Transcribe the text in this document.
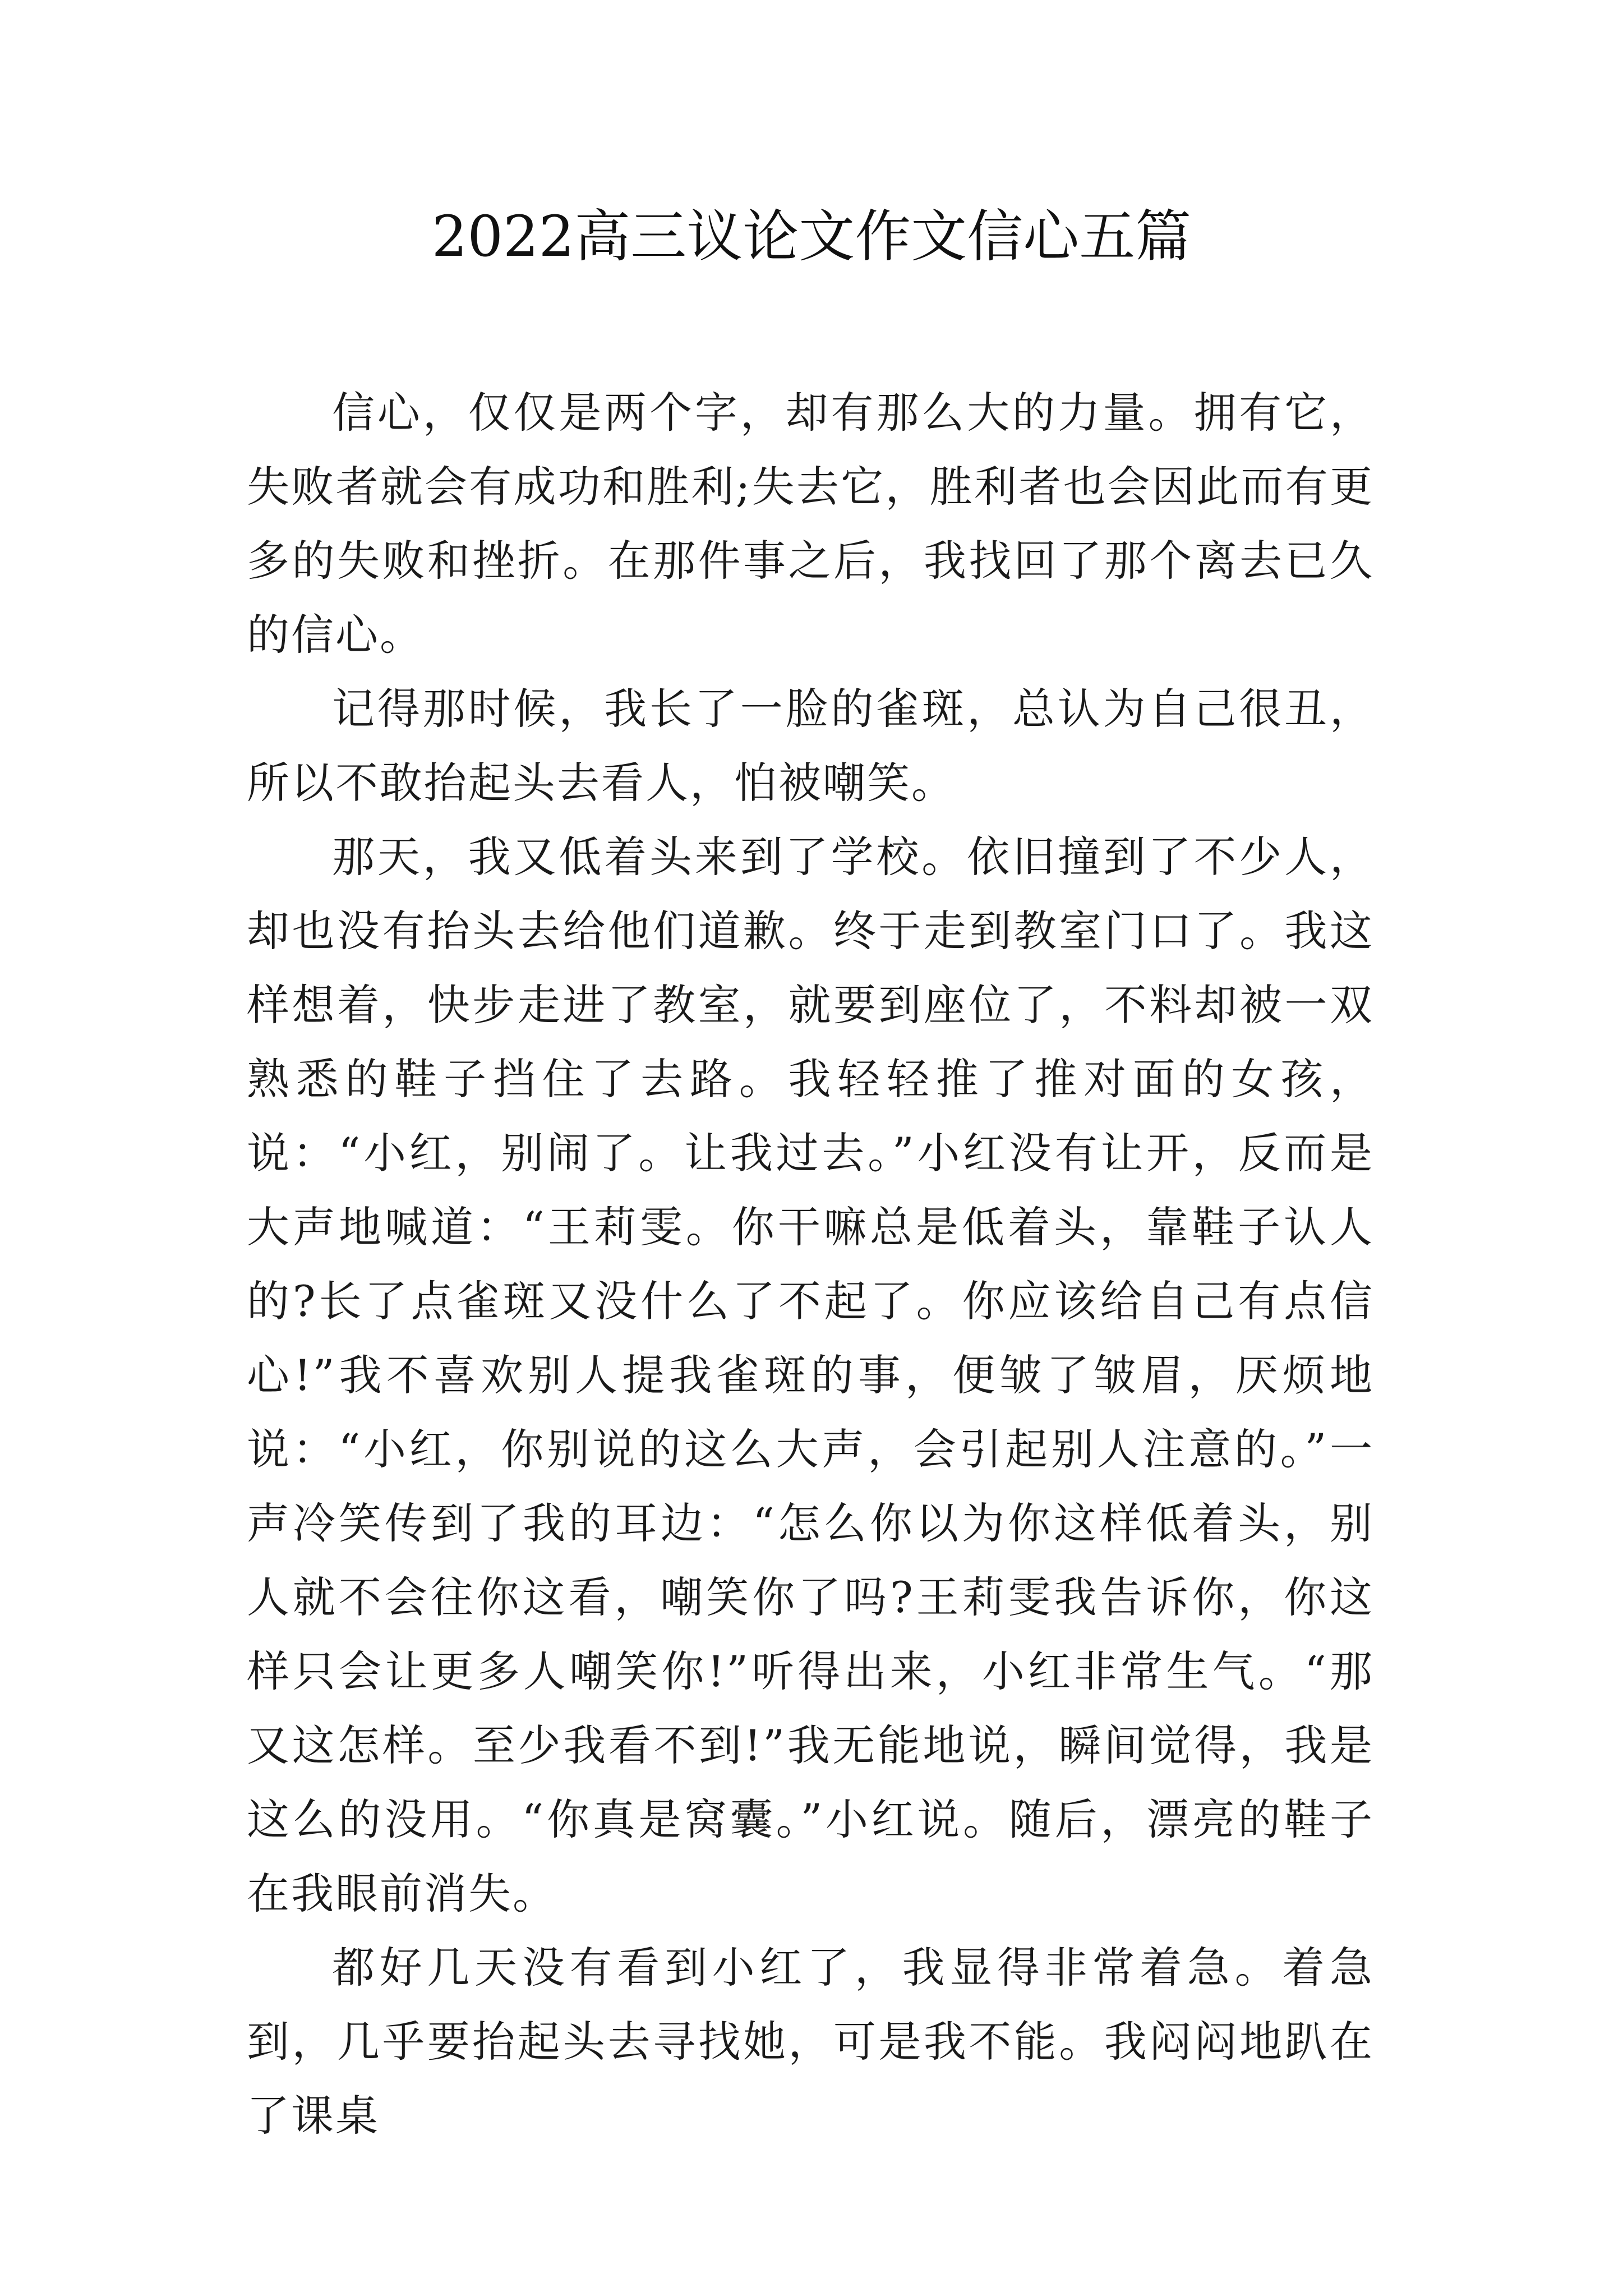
2022高三议论文作文信心五篇

信心，仅仅是两个字，却有那么大的力量。拥有它，失败者就会有成功和胜利;失去它，胜利者也会因此而有更多的失败和挫折。在那件事之后，我找回了那个离去已久的信心。

记得那时候，我长了一脸的雀斑，总认为自己很丑，所以不敢抬起头去看人，怕被嘲笑。

那天，我又低着头来到了学校。依旧撞到了不少人，却也没有抬头去给他们道歉。终于走到教室门口了。我这样想着，快步走进了教室，就要到座位了，不料却被一双熟悉的鞋子挡住了去路。我轻轻推了推对面的女孩，说：“小红，别闹了。让我过去。”小红没有让开，反而是大声地喊道：“王莉雯。你干嘛总是低着头，靠鞋子认人的?长了点雀斑又没什么了不起了。你应该给自己有点信心!”我不喜欢别人提我雀斑的事，便皱了皱眉，厌烦地说：“小红，你别说的这么大声，会引起别人注意的。”一声冷笑传到了我的耳边：“怎么你以为你这样低着头，别人就不会往你这看，嘲笑你了吗?王莉雯我告诉你，你这样只会让更多人嘲笑你!”听得出来，小红非常生气。“那又这怎样。至少我看不到!”我无能地说，瞬间觉得，我是这么的没用。“你真是窝囊。”小红说。随后，漂亮的鞋子在我眼前消失。

都好几天没有看到小红了，我显得非常着急。着急到，几乎要抬起头去寻找她，可是我不能。我闷闷地趴在了课桌
